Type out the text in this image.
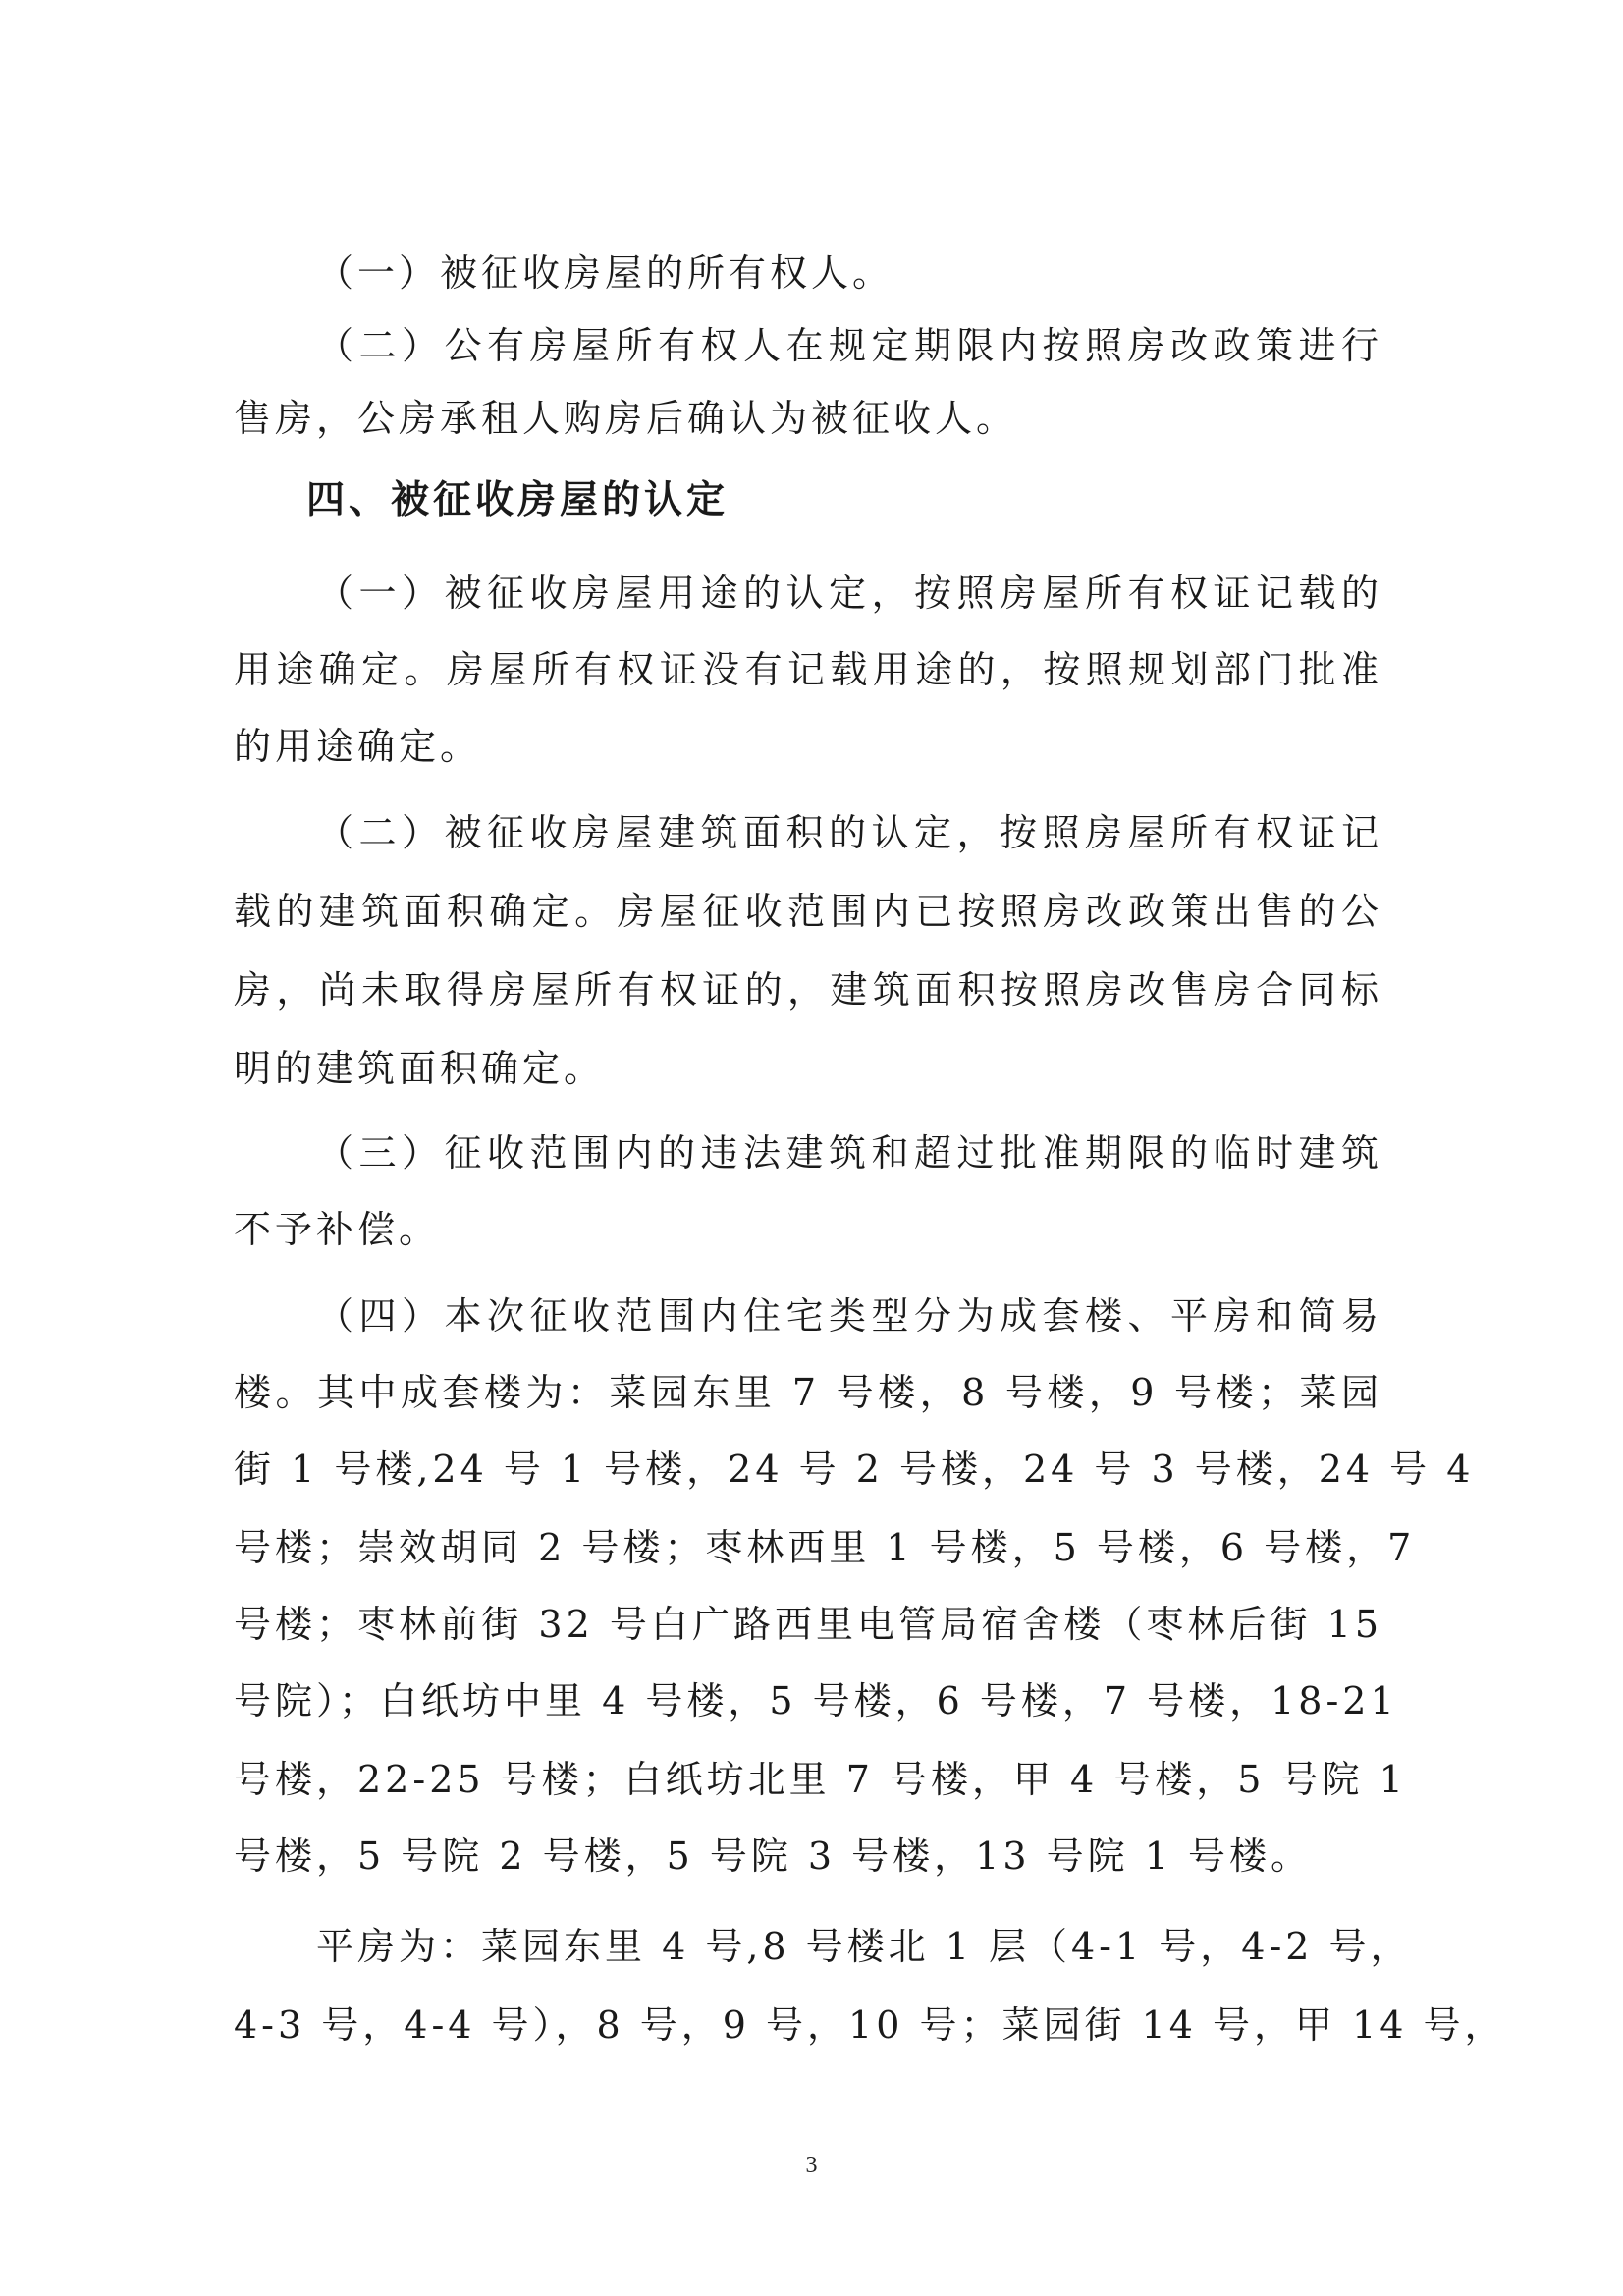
（一）被征收房屋的所有权人。
（二）公有房屋所有权人在规定期限内按照房改政策进行
售房，公房承租人购房后确认为被征收人。
四、被征收房屋的认定
（一）被征收房屋用途的认定，按照房屋所有权证记载的
用途确定。房屋所有权证没有记载用途的，按照规划部门批准
的用途确定。
（二）被征收房屋建筑面积的认定，按照房屋所有权证记
载的建筑面积确定。房屋征收范围内已按照房改政策出售的公
房，尚未取得房屋所有权证的，建筑面积按照房改售房合同标
明的建筑面积确定。
（三）征收范围内的违法建筑和超过批准期限的临时建筑
不予补偿。
（四）本次征收范围内住宅类型分为成套楼、平房和简易
楼。其中成套楼为：菜园东里 7 号楼，8 号楼，9 号楼；菜园
街 1 号楼,24 号 1 号楼，24 号 2 号楼，24 号 3 号楼，24 号 4
号楼；崇效胡同 2 号楼；枣林西里 1 号楼，5 号楼，6 号楼，7
号楼；枣林前街 32 号白广路西里电管局宿舍楼（枣林后街 15
号院）；白纸坊中里 4 号楼，5 号楼，6 号楼，7 号楼，18-21
号楼，22-25 号楼；白纸坊北里 7 号楼，甲 4 号楼，5 号院 1
号楼，5 号院 2 号楼，5 号院 3 号楼，13 号院 1 号楼。
平房为：菜园东里 4 号,8 号楼北 1 层（4-1 号，4-2 号，
4-3 号，4-4 号），8 号，9 号，10 号；菜园街 14 号，甲 14 号，
3
